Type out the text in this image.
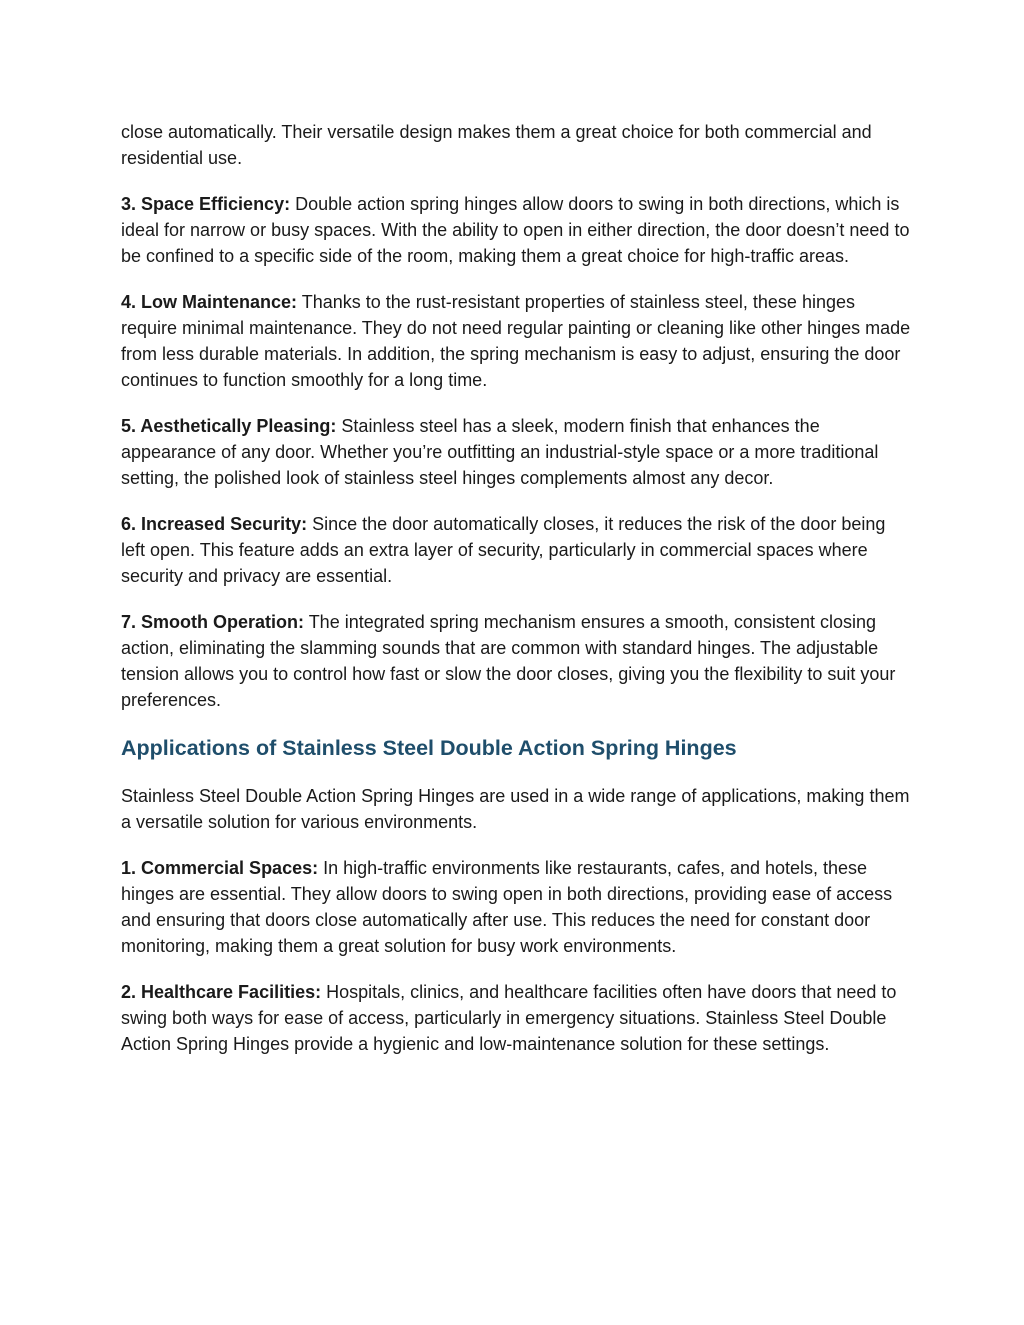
close automatically. Their versatile design makes them a great choice for both commercial and residential use.

3. Space Efficiency: Double action spring hinges allow doors to swing in both directions, which is ideal for narrow or busy spaces. With the ability to open in either direction, the door doesn’t need to be confined to a specific side of the room, making them a great choice for high-traffic areas.

4. Low Maintenance: Thanks to the rust-resistant properties of stainless steel, these hinges require minimal maintenance. They do not need regular painting or cleaning like other hinges made from less durable materials. In addition, the spring mechanism is easy to adjust, ensuring the door continues to function smoothly for a long time.

5. Aesthetically Pleasing: Stainless steel has a sleek, modern finish that enhances the appearance of any door. Whether you’re outfitting an industrial-style space or a more traditional setting, the polished look of stainless steel hinges complements almost any decor.

6. Increased Security: Since the door automatically closes, it reduces the risk of the door being left open. This feature adds an extra layer of security, particularly in commercial spaces where security and privacy are essential.

7. Smooth Operation: The integrated spring mechanism ensures a smooth, consistent closing action, eliminating the slamming sounds that are common with standard hinges. The adjustable tension allows you to control how fast or slow the door closes, giving you the flexibility to suit your preferences.

Applications of Stainless Steel Double Action Spring Hinges

Stainless Steel Double Action Spring Hinges are used in a wide range of applications, making them a versatile solution for various environments.

1. Commercial Spaces: In high-traffic environments like restaurants, cafes, and hotels, these hinges are essential. They allow doors to swing open in both directions, providing ease of access and ensuring that doors close automatically after use. This reduces the need for constant door monitoring, making them a great solution for busy work environments.

2. Healthcare Facilities: Hospitals, clinics, and healthcare facilities often have doors that need to swing both ways for ease of access, particularly in emergency situations. Stainless Steel Double Action Spring Hinges provide a hygienic and low-maintenance solution for these settings.
